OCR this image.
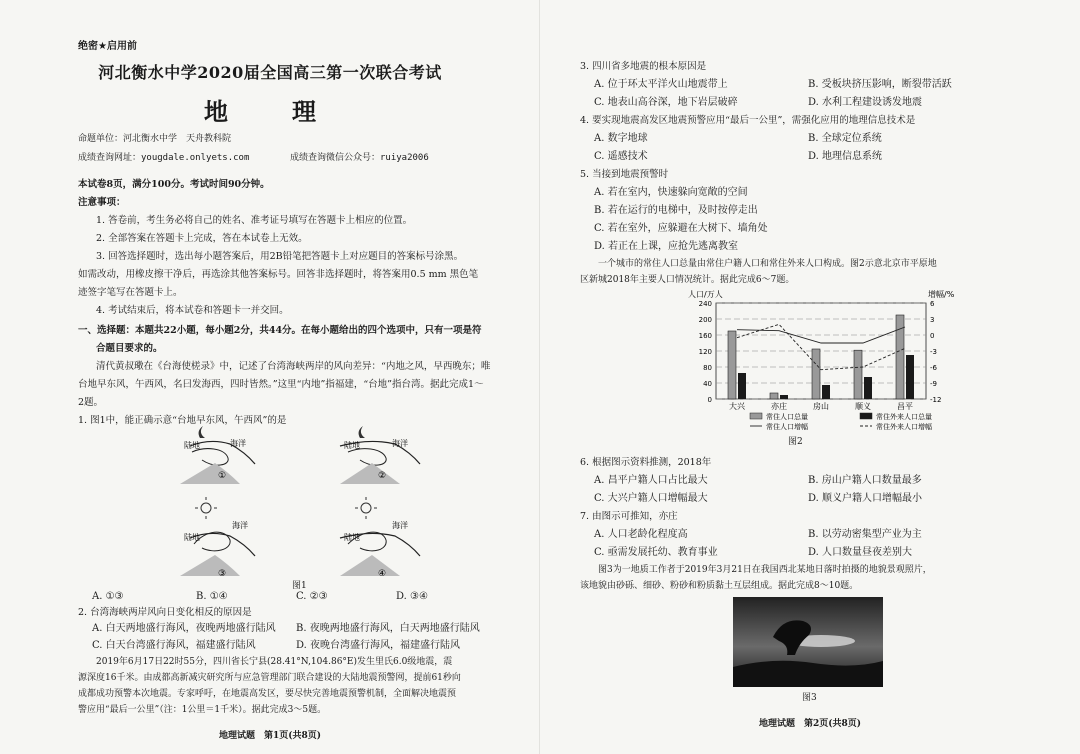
绝密★启用前

河北衡水中学2020届全国高三第一次联合考试

地　理

命题单位：河北衡水中学　天舟教科院

成绩查询网址：yougdale.onlyets.com	成绩查询微信公众号：ruiya2006

本试卷8页，满分100分。考试时间90分钟。

注意事项：

1. 答卷前，考生务必将自己的姓名、准考证号填写在答题卡上相应的位置。

2. 全部答案在答题卡上完成，答在本试卷上无效。

3. 回答选择题时，选出每小题答案后，用2B铅笔把答题卡上对应题目的答案标号涂黑。

如需改动，用橡皮擦干净后，再选涂其他答案标号。回答非选择题时，将答案用0.5 mm 黑色笔

迹签字笔写在答题卡上。

4. 考试结束后，将本试卷和答题卡一并交回。

一、选择题：本题共22小题，每小题2分，共44分。在每小题给出的四个选项中，只有一项是符

合题目要求的。

清代黄叔璥在《台海使槎录》中，记述了台湾海峡两岸的风向差异：“内地之风，早西晚东；唯

台地早东风，午西风，名曰发海西，四时皆然。”这里“内地”指福建，“台地”指台湾。据此完成1～

2题。

1. 图1中，能正确示意“台地早东风，午西风”的是

陆地	海洋
①
陆地	海洋
②
陆地
海洋
③
陆地
海洋
④

图1

A. ①③	B. ①④	C. ②③	D. ③④

2. 台湾海峡两岸风向日变化相反的原因是

A. 白天两地盛行海风，夜晚两地盛行陆风 B. 夜晚两地盛行海风，白天两地盛行陆风

C. 白天台湾盛行海风，福建盛行陆风	D. 夜晚台湾盛行海风，福建盛行陆风

2019年6月17日22时55分，四川省长宁县(28.41°N,104.86°E)发生里氏6.0级地震，震

源深度16千米。由成都高新减灾研究所与应急管理部门联合建设的大陆地震预警网，提前61秒向

成都成功预警本次地震。专家呼吁，在地震高发区，要尽快完善地震预警机制，全面解决地震预

警应用“最后一公里”（注：1公里＝1千米）。据此完成3～5题。

地理试题　第1页(共8页)

3. 四川省多地震的根本原因是

A. 位于环太平洋火山地震带上	B. 受板块挤压影响，断裂带活跃

C. 地表山高谷深，地下岩层破碎	D. 水利工程建设诱发地震

4. 要实现地震高发区地震预警应用“最后一公里”，需强化应用的地理信息技术是

A. 数字地球	B. 全球定位系统

C. 遥感技术	D. 地理信息系统

5. 当接到地震预警时

A. 若在室内，快速躲向宽敞的空间

B. 若在运行的电梯中，及时按停走出

C. 若在室外，应躲避在大树下、墙角处

D. 若正在上课，应抢先逃离教室

一个城市的常住人口总量由常住户籍人口和常住外来人口构成。图2示意北京市平原地

区新城2018年主要人口情况统计。据此完成6～7题。

人口/万人	增幅/%
0
40
80
120
160
200
240	6
3
0
-3
-6
-9
-12
大兴	亦庄	房山	顺义	昌平
常住人口总量	常住外来人口总量
常住人口增幅	常住外来人口增幅

图2

6. 根据图示资料推测，2018年

A. 昌平户籍人口占比最大	B. 房山户籍人口数量最多

C. 大兴户籍人口增幅最大	D. 顺义户籍人口增幅最小

7. 由图示可推知，亦庄

A. 人口老龄化程度高	B. 以劳动密集型产业为主

C. 亟需发展托幼、教育事业	D. 人口数量昼夜差别大

图3为一地质工作者于2019年3月21日在我国西北某地日落时拍摄的地貌景观照片，

该地貌由砂砾、细砂、粉砂和粉质黏土互层组成。据此完成8～10题。

图3

地理试题　第2页(共8页)
